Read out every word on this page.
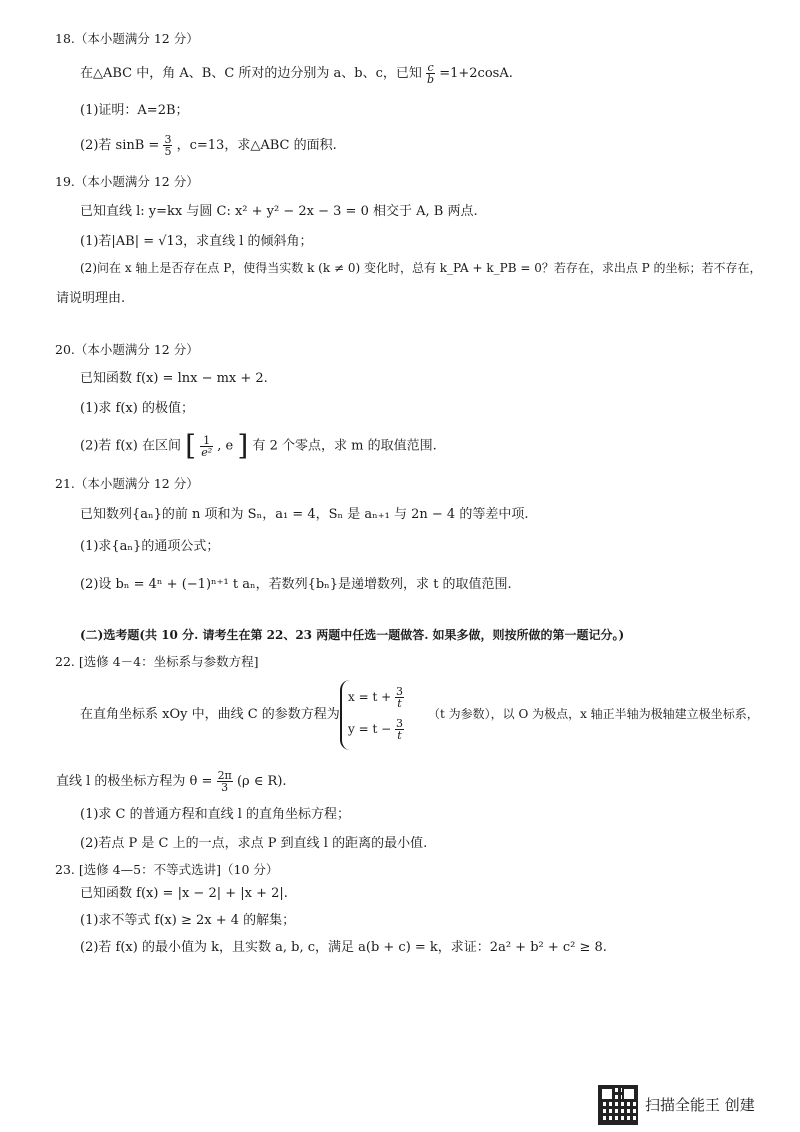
18.（本小题满分 12 分）
在△ABC 中，角 A、B、C 所对的边分别为 a、b、c，已知 $\frac{c}{b} =1+2\cos A$.
(1)证明：A=2B；
(2)若 $\sin B = \frac{3}{5}$ ，c=13，求△ABC 的面积.
19.（本小题满分 12 分）
已知直线 l: y=kx 与圆 C: x² + y² − 2x − 3 = 0 相交于 A, B 两点.
(1)若|AB| = √13，求直线 l 的倾斜角；
(2)问在 x 轴上是否存在点 P，使得当实数 k (k ≠ 0) 变化时，总有 k_PA + k_PB = 0？若存在，求出点 P 的坐标；若不存在，
请说明理由.
20.（本小题满分 12 分）
已知函数 f(x) = lnx − mx + 2.
(1)求 f(x) 的极值；
(2)若 f(x) 在区间 [ $\frac{1}{\text{e²}}$ , e ] 有 2 个零点，求 m 的取值范围.
21.（本小题满分 12 分）
已知数列{aₙ}的前 n 项和为 Sₙ，a₁ = 4，Sₙ 是 aₙ₊₁ 与 2n − 4 的等差中项.
(1)求{aₙ}的通项公式；
(2)设 bₙ = 4ⁿ + (−1)ⁿ⁺¹ t aₙ，若数列{bₙ}是递增数列，求 t 的取值范围.
(二)选考题(共 10 分. 请考生在第 22、23 两题中任选一题做答. 如果多做，则按所做的第一题记分。)
22. [选修 4－4：坐标系与参数方程]
在直角坐标系 xOy 中，曲线 C 的参数方程为
$x = t + \frac{3}{t}$
$y = t - \frac{3}{t}$
（t 为参数），以 O 为极点，x 轴正半轴为极轴建立极坐标系，
直线 l 的极坐标方程为 $\theta = \frac{2\pi}{3} (\rho$ ∈ R).
(1)求 C 的普通方程和直线 l 的直角坐标方程；
(2)若点 P 是 C 上的一点，求点 P 到直线 l 的距离的最小值.
23. [选修 4—5：不等式选讲]（10 分）
已知函数 f(x) = |x − 2| + |x + 2|.
(1)求不等式 f(x) ≥ 2x + 4 的解集；
(2)若 f(x) 的最小值为 k，且实数 a, b, c，满足 a(b + c) = k，求证：2a² + b² + c² ≥ 8.
扫描全能王 创建
